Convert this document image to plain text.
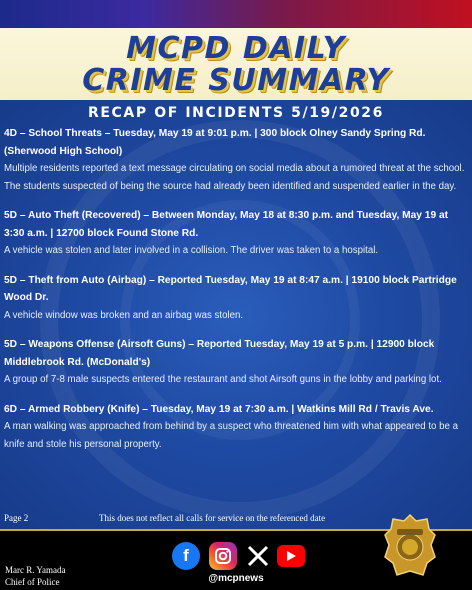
MCPD DAILY
CRIME SUMMARY
RECAP OF INCIDENTS 5/19/2026
4D – School Threats – Tuesday, May 19 at 9:01 p.m. | 300 block Olney Sandy Spring Rd. (Sherwood High School)
Multiple residents reported a text message circulating on social media about a rumored threat at the school. The students suspected of being the source had already been identified and suspended earlier in the day.
5D – Auto Theft (Recovered) – Between Monday, May 18 at 8:30 p.m. and Tuesday, May 19 at 3:30 a.m. | 12700 block Found Stone Rd.
A vehicle was stolen and later involved in a collision. The driver was taken to a hospital.
5D – Theft from Auto (Airbag) – Reported Tuesday, May 19 at 8:47 a.m. | 19100 block Partridge Wood Dr.
A vehicle window was broken and an airbag was stolen.
5D – Weapons Offense (Airsoft Guns) – Reported Tuesday, May 19 at 5 p.m. | 12900 block Middlebrook Rd. (McDonald's)
A group of 7-8 male suspects entered the restaurant and shot Airsoft guns in the lobby and parking lot.
6D – Armed Robbery (Knife) – Tuesday, May 19 at 7:30 a.m. | Watkins Mill Rd / Travis Ave.
A man walking was approached from behind by a suspect who threatened him with what appeared to be a knife and stole his personal property.
Page 2	This does not reflect all calls for service on the referenced date
Marc R. Yamada
Chief of Police
f
@mcpnews
